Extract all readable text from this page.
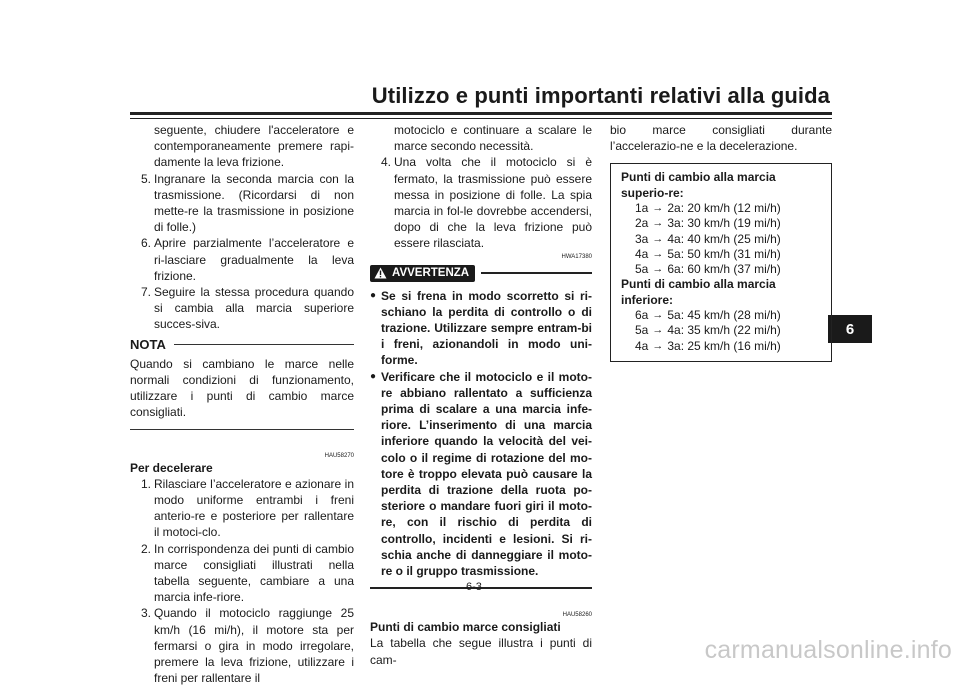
Utilizzo e punti importanti relativi alla guida
6
seguente, chiudere l'acceleratore e contemporaneamente premere rapi-damente la leva frizione.
5. Ingranare la seconda marcia con la trasmissione. (Ricordarsi di non mette-re la trasmissione in posizione di folle.)
6. Aprire parzialmente l’acceleratore e ri-lasciare gradualmente la leva frizione.
7. Seguire la stessa procedura quando si cambia alla marcia superiore succes-siva.
NOTA
Quando si cambiano le marce nelle normali condizioni di funzionamento, utilizzare i punti di cambio marce consigliati.
HAU58270
Per decelerare
1. Rilasciare l’acceleratore e azionare in modo uniforme entrambi i freni anterio-re e posteriore per rallentare il motoci-clo.
2. In corrispondenza dei punti di cambio marce consigliati illustrati nella tabella seguente, cambiare a una marcia infe-riore.
3. Quando il motociclo raggiunge 25 km/h (16 mi/h), il motore sta per fermarsi o gira in modo irregolare, premere la leva frizione, utilizzare i freni per rallentare il
motociclo e continuare a scalare le marce secondo necessità.
4. Una volta che il motociclo si è fermato, la trasmissione può essere messa in posizione di folle. La spia marcia in fol-le dovrebbe accendersi, dopo di che la leva frizione può essere rilasciata.
HWA17380
AVVERTENZA
● Se si frena in modo scorretto si ri-schiano la perdita di controllo o di trazione. Utilizzare sempre entram-bi i freni, azionandoli in modo uni-forme.
● Verificare che il motociclo e il moto-re abbiano rallentato a sufficienza prima di scalare a una marcia infe-riore. L’inserimento di una marcia inferiore quando la velocità del vei-colo o il regime di rotazione del mo-tore è troppo elevata può causare la perdita di trazione della ruota po-steriore o mandare fuori giri il moto-re, con il rischio di perdita di controllo, incidenti e lesioni. Si ri-schia anche di danneggiare il moto-re o il gruppo trasmissione.
HAU58260
Punti di cambio marce consigliati
La tabella che segue illustra i punti di cam-
bio marce consigliati durante l’accelerazio-ne e la decelerazione.
Punti di cambio alla marcia superio-re:
1a → 2a: 20 km/h (12 mi/h)
2a → 3a: 30 km/h (19 mi/h)
3a → 4a: 40 km/h (25 mi/h)
4a → 5a: 50 km/h (31 mi/h)
5a → 6a: 60 km/h (37 mi/h)
Punti di cambio alla marcia inferiore:
6a → 5a: 45 km/h (28 mi/h)
5a → 4a: 35 km/h (22 mi/h)
4a → 3a: 25 km/h (16 mi/h)
6-3
carmanualsonline.info
